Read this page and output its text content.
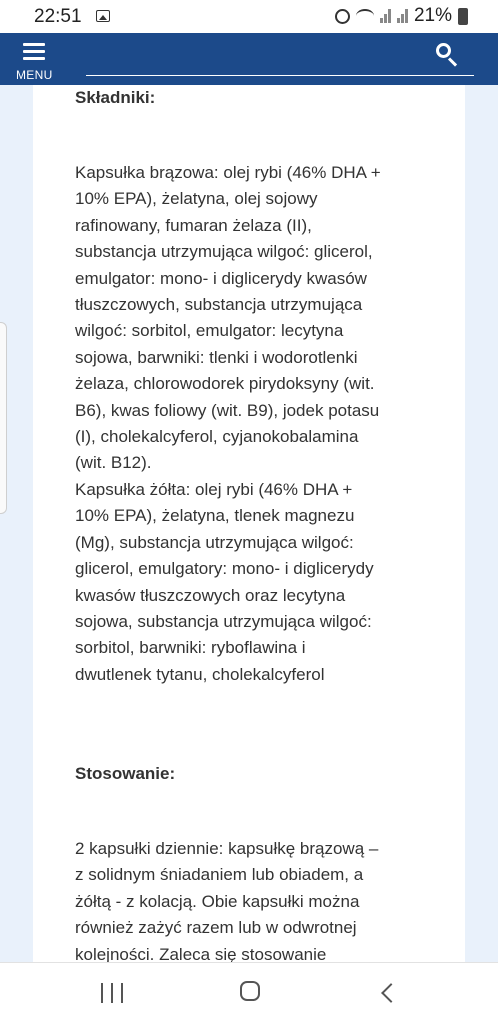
22:51	21%
MENU
Składniki:
Kapsułka brązowa: olej rybi (46% DHA +
10% EPA), żelatyna, olej sojowy
rafinowany, fumaran żelaza (II),
substancja utrzymująca wilgoć: glicerol,
emulgator: mono- i diglicerydy kwasów
tłuszczowych, substancja utrzymująca
wilgoć: sorbitol, emulgator: lecytyna
sojowa, barwniki: tlenki i wodorotlenki
żelaza, chlorowodorek pirydoksyny (wit.
B6), kwas foliowy (wit. B9), jodek potasu
(I), cholekalcyferol, cyjanokobalamina
(wit. B12).
Kapsułka żółta: olej rybi (46% DHA +
10% EPA), żelatyna, tlenek magnezu
(Mg), substancja utrzymująca wilgoć:
glicerol, emulgatory: mono- i diglicerydy
kwasów tłuszczowych oraz lecytyna
sojowa, substancja utrzymująca wilgoć:
sorbitol, barwniki: ryboflawina i
dwutlenek tytanu, cholekalcyferol
Stosowanie:
2 kapsułki dziennie: kapsułkę brązową –
z solidnym śniadaniem lub obiadem, a
żółtą - z kolacją. Obie kapsułki można
również zażyć razem lub w odwrotnej
kolejności. Zaleca się stosowanie
